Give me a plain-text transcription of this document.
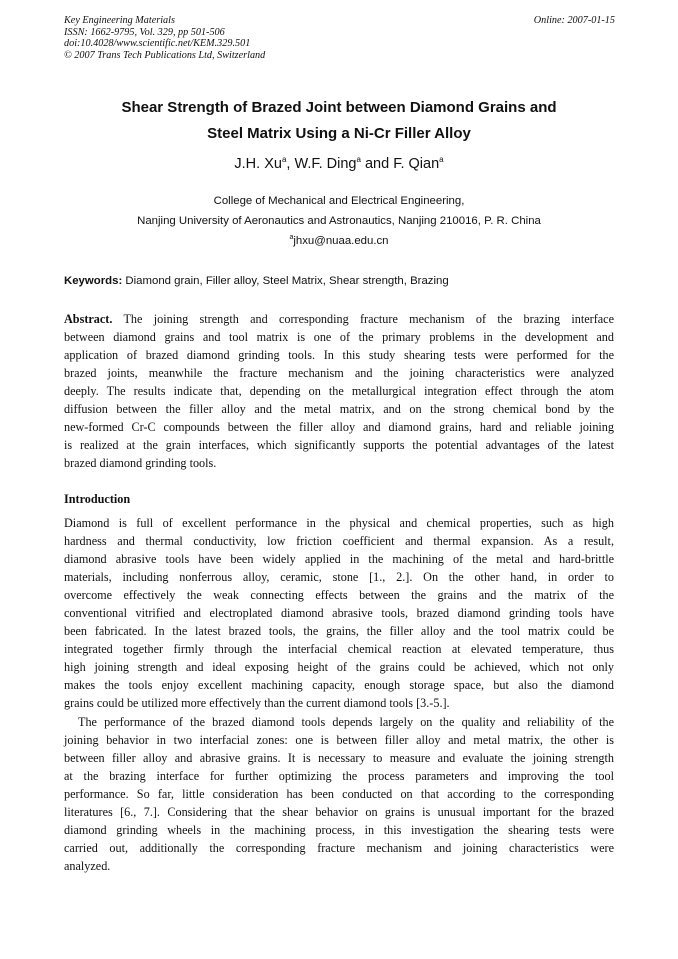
Key Engineering Materials
ISSN: 1662-9795, Vol. 329, pp 501-506
doi:10.4028/www.scientific.net/KEM.329.501
© 2007 Trans Tech Publications Ltd, Switzerland
Online: 2007-01-15
Shear Strength of Brazed Joint between Diamond Grains and
Steel Matrix Using a Ni-Cr Filler Alloy
J.H. Xu$^a$, W.F. Ding$^a$ and F. Qian$^a$
College of Mechanical and Electrical Engineering,
Nanjing University of Aeronautics and Astronautics, Nanjing 210016, P. R. China
$^a$jhxu@nuaa.edu.cn
Keywords: Diamond grain, Filler alloy, Steel Matrix, Shear strength, Brazing
Abstract. The joining strength and corresponding fracture mechanism of the brazing interface
between diamond grains and tool matrix is one of the primary problems in the development and
application of brazed diamond grinding tools. In this study shearing tests were performed for the
brazed joints, meanwhile the fracture mechanism and the joining characteristics were analyzed
deeply. The results indicate that, depending on the metallurgical integration effect through the atom
diffusion between the filler alloy and the metal matrix, and on the strong chemical bond by the
new-formed Cr-C compounds between the filler alloy and diamond grains, hard and reliable joining
is realized at the grain interfaces, which significantly supports the potential advantages of the latest
brazed diamond grinding tools.
Introduction
Diamond is full of excellent performance in the physical and chemical properties, such as high
hardness and thermal conductivity, low friction coefficient and thermal expansion. As a result,
diamond abrasive tools have been widely applied in the machining of the metal and hard-brittle
materials, including nonferrous alloy, ceramic, stone [1., 2.]. On the other hand, in order to
overcome effectively the weak connecting effects between the grains and the matrix of the
conventional vitrified and electroplated diamond abrasive tools, brazed diamond grinding tools have
been fabricated. In the latest brazed tools, the grains, the filler alloy and the tool matrix could be
integrated together firmly through the interfacial chemical reaction at elevated temperature, thus
high joining strength and ideal exposing height of the grains could be achieved, which not only
makes the tools enjoy excellent machining capacity, enough storage space, but also the diamond
grains could be utilized more effectively than the current diamond tools [3.-5.].
The performance of the brazed diamond tools depends largely on the quality and reliability of the
joining behavior in two interfacial zones: one is between filler alloy and metal matrix, the other is
between filler alloy and abrasive grains. It is necessary to measure and evaluate the joining strength
at the brazing interface for further optimizing the process parameters and improving the tool
performance. So far, little consideration has been conducted on that according to the corresponding
literatures [6., 7.]. Considering that the shear behavior on grains is unusual important for the brazed
diamond grinding wheels in the machining process, in this investigation the shearing tests were
carried out, additionally the corresponding fracture mechanism and joining characteristics were
analyzed.
